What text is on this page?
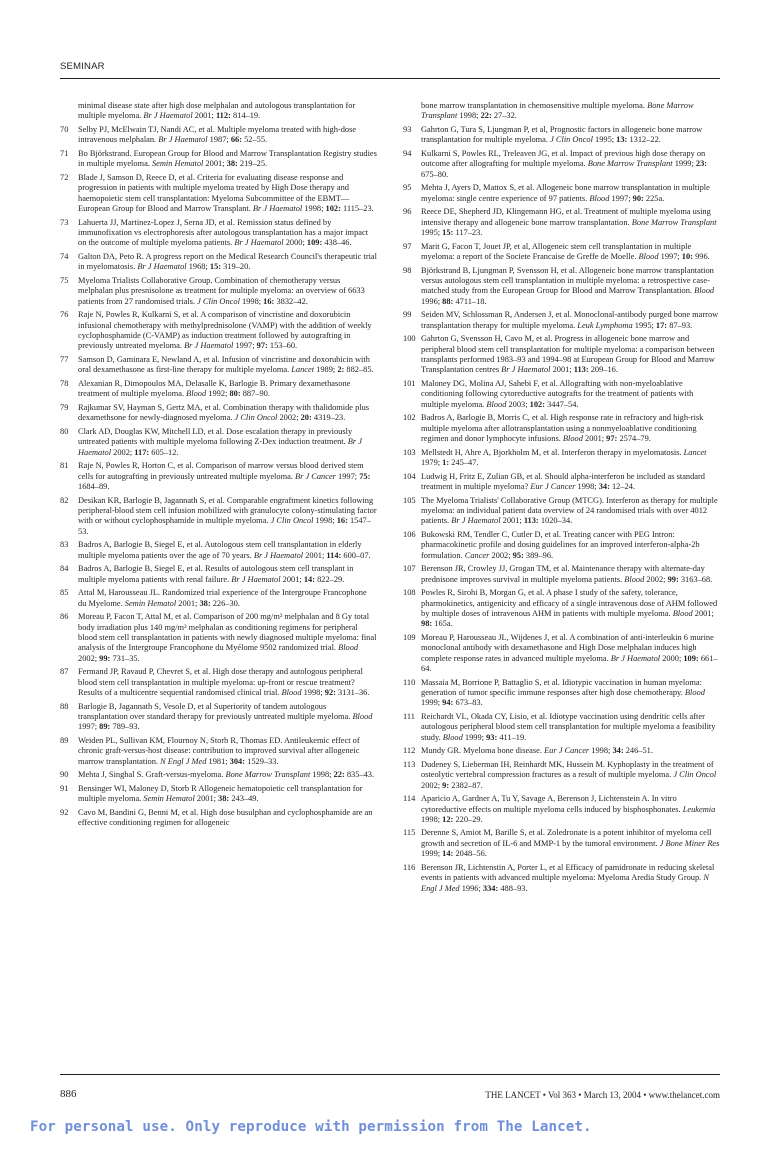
SEMINAR
minimal disease state after high dose melphalan and autologous transplantation for multiple myeloma. Br J Haematol 2001; 112: 814–19.
70 Selby PJ, McElwain TJ, Nandi AC, et al. Multiple myeloma treated with high-dose intravenous melphalan. Br J Haematol 1987; 66: 52–55.
71 Bo Björkstrand. European Group for Blood and Marrow Transplantation Registry studies in multiple myeloma. Semin Hematol 2001; 38: 219–25.
72 Blade J, Samson D, Reece D, et al. Criteria for evaluating disease response and progression in patients with multiple myeloma treated by High Dose therapy and haemopoietic stem cell transplantation: Myeloma Subcommittee of the EBMT—European Group for Blood and Marrow Transplant. Br J Haematol 1998; 102: 1115–23.
73 Lahuerta JJ, Martinez-Lopez J, Serna JD, et al. Remission status defined by immunofixation vs electrophoresis after autologous transplantation has a major impact on the outcome of multiple myeloma patients. Br J Haematol 2000; 109: 438–46.
74 Galton DA, Peto R. A progress report on the Medical Research Council's therapeutic trial in myelomatosis. Br J Haematol 1968; 15: 319–20.
75 Myeloma Trialists Collaborative Group. Combination of chemotherapy versus melphalan plus presnisolone as treatment for multiple myeloma: an overview of 6633 patients from 27 randomised trials. J Clin Oncol 1998; 16: 3832–42.
76 Raje N, Powles R, Kulkarni S, et al. A comparison of vincristine and doxorubicin infusional chemotherapy with methylprednisolone (VAMP) with the addition of weekly cyclophosphamide (C-VAMP) as induction treatment followed by autografting in previously untreated myeloma. Br J Haematol 1997; 97: 153–60.
77 Samson D, Gaminara E, Newland A, et al. Infusion of vincristine and doxorubicin with oral dexamethasone as first-line therapy for multiple myeloma. Lancet 1989; 2: 882–85.
78 Alexanian R, Dimopoulos MA, Delasalle K, Barlogie B. Primary dexamethasone treatment of multiple myeloma. Blood 1992; 80: 887–90.
79 Rajkumar SV, Hayman S, Gertz MA, et al. Combination therapy with thalidomide plus dexamethsone for newly-diagnosed myeloma. J Clin Oncol 2002; 20: 4319–23.
80 Clark AD, Douglas KW, Mitchell LD, et al. Dose escalation therapy in previously untreated patients with multiple myeloma following Z-Dex induction treatment. Br J Haematol 2002; 117: 605–12.
81 Raje N, Powles R, Horton C, et al. Comparison of marrow versus blood derived stem cells for autografting in previously untreated multiple myeloma. Br J Cancer 1997; 75: 1684–89.
82 Desikan KR, Barlogie B, Jagannath S, et al. Comparable engraftment kinetics following peripheral-blood stem cell infusion mobilized with granulocyte colony-stimulating factor with or without cyclophosphamide in multiple myeloma. J Clin Oncol 1998; 16: 1547–53.
83 Badros A, Barlogie B, Siegel E, et al. Autologous stem cell transplantation in elderly multiple myeloma patients over the age of 70 years. Br J Haematol 2001; 114: 600–07.
84 Badros A, Barlogie B, Siegel E, et al. Results of autologous stem cell transplant in multiple myeloma patients with renal failure. Br J Haematol 2001; 14: 822–29.
85 Attal M, Harousseau JL. Randomized trial experience of the Intergroupe Francophone du Myelome. Semin Hematol 2001; 38: 226–30.
86 Moreau P, Facon T, Attal M, et al. Comparison of 200 mg/m² melphalan and 8 Gy total body irradiation plus 140 mg/m² melphalan as conditioning regimens for peripheral blood stem cell transplantation in patients with newly diagnosed multiple myeloma: final analysis of the Intergroupe Francophone du Myélome 9502 randomized trial. Blood 2002; 99: 731–35.
87 Fermand JP, Ravaud P, Chevret S, et al. High dose therapy and autologous peripheral blood stem cell transplantation in multiple myeloma: up-front or rescue treatment? Results of a multicentre sequential randomised clinical trial. Blood 1998; 92: 3131–36.
88 Barlogie B, Jagannath S, Vesole D, et al Superiority of tandem autologous transplantation over standard therapy for previously untreated multiple myeloma. Blood 1997; 89: 789–93.
89 Weiden PL, Sullivan KM, Flournoy N, Storb R, Thomas ED. Antileukemic effect of chronic graft-versus-host disease: contribution to improved survival after allogeneic marrow transplantation. N Engl J Med 1981; 304: 1529–33.
90 Mehta J, Singhal S. Graft-versus-myeloma. Bone Marrow Transplant 1998; 22: 835–43.
91 Bensinger WI, Maloney D, Storb R Allogeneic hematopoietic cell transplantation for multiple myeloma. Semin Hematol 2001; 38: 243–49.
92 Cavo M, Bandini G, Benni M, et al. High dose busulphan and cyclophosphamide are an effective conditioning regimen for allogeneic
bone marrow transplantation in chemosensitive multiple myeloma. Bone Marrow Transplant 1998; 22: 27–32.
93 Gahrton G, Tura S, Ljungman P, et al, Prognostic factors in allogeneic bone marrow transplantation for multiple myeloma. J Clin Oncol 1995; 13: 1312–22.
94 Kulkarni S, Powles RL, Treleaven JG, et al. Impact of previous high dose therapy on outcome after allografting for multiple myeloma. Bone Marrow Transplant 1999; 23: 675–80.
95 Mehta J, Ayers D, Mattox S, et al. Allogeneic bone marrow transplantation in multiple myeloma: single centre experience of 97 patients. Blood 1997; 90: 225a.
96 Reece DE, Shepherd JD, Klingemann HG, et al. Treatment of multiple myeloma using intensive therapy and allogeneic bone marrow transplantation. Bone Marrow Transplant 1995; 15: 117–23.
97 Marit G, Facon T, Jouet JP, et al, Allogeneic stem cell transplantation in multiple myeloma: a report of the Societe Francaise de Greffe de Moelle. Blood 1997; 10: 996.
98 Björkstrand B, Ljungman P, Svensson H, et al. Allogeneic bone marrow transplantation versus autologous stem cell transplantation in multiple myeloma: a retrospective case-matched study from the European Group for Blood and Marrow Transplantation. Blood 1996; 88: 4711–18.
99 Seiden MV, Schlossman R, Andersen J, et al. Monoclonal-antibody purged bone marrow transplantation therapy for multiple myeloma. Leuk Lymphoma 1995; 17: 87–93.
100 Gahrton G, Svensson H, Cavo M, et al. Progress in allogeneic bone marrow and peripheral blood stem cell transplantation for multiple myeloma: a comparison between transplants performed 1983–93 and 1994–98 at European Group for Blood and Marrow Transplantation centres Br J Haematol 2001; 113: 209–16.
101 Maloney DG, Molina AJ, Sahebi F, et al. Allografting with non-myeloablative conditioning following cytoreductive autografts for the treatment of patients with multiple myeloma. Blood 2003; 102: 3447–54.
102 Badros A, Barlogie B, Morris C, et al. High response rate in refractory and high-risk multiple myeloma after allotransplantation using a nonmyeloablative conditioning regimen and donor lymphocyte infusions. Blood 2001; 97: 2574–79.
103 Mellstedt H, Ahre A, Bjorkholm M, et al. Interferon therapy in myelomatosis. Lancet 1979; 1: 245–47.
104 Ludwig H, Fritz E, Zulian GB, et al. Should alpha-interferon be included as standard treatment in multiple myeloma? Eur J Cancer 1998; 34: 12–24.
105 The Myeloma Trialists' Collaborative Group (MTCG). Interferon as therapy for multiple myeloma: an individual patient data overview of 24 randomised trials with over 4012 patients. Br J Haematol 2001; 113: 1020–34.
106 Bukowski RM, Tendler C, Cutler D, et al. Treating cancer with PEG Intron: pharmacokinetic profile and dosing guidelines for an improved interferon-alpha-2b formulation. Cancer 2002; 95: 389–96.
107 Berenson JR, Crowley JJ, Grogan TM, et al. Maintenance therapy with alternate-day prednisone improves survival in multiple myeloma patients. Blood 2002; 99: 3163–68.
108 Powles R, Sirohi B, Morgan G, et al. A phase I study of the safety, tolerance, pharmokinetics, antigenicity and efficacy of a single intravenous dose of AHM followed by multiple doses of intravenous AHM in patients with multiple myeloma. Blood 2001; 98: 165a.
109 Moreau P, Harousseau JL, Wijdenes J, et al. A combination of anti-interleukin 6 murine monoclonal antibody with dexamethasone and High Dose melphalan induces high complete response rates in advanced multiple myeloma. Br J Haematol 2000; 109: 661–64.
110 Massaia M, Borrione P, Battaglio S, et al. Idiotypic vaccination in human myeloma: generation of tumor specific immune responses after high dose chemotherapy. Blood 1999; 94: 673–83.
111 Reichardt VL, Okada CY, Lisio, et al. Idiotype vaccination using dendritic cells after autologous peripheral blood stem cell transplantation for multiple myeloma a feasibility study. Blood 1999; 93: 411–19.
112 Mundy GR. Myeloma bone disease. Eur J Cancer 1998; 34: 246–51.
113 Dudeney S, Lieberman IH, Reinhardt MK, Hussein M. Kyphoplasty in the treatment of osteolytic vertebral compression fractures as a result of multiple myeloma. J Clin Oncol 2002; 9: 2382–87.
114 Aparicio A, Gardner A, Tu Y, Savage A, Berenson J, Lichtenstein A. In vitro cytoreductive effects on multiple myeloma cells induced by bisphosphonates. Leukemia 1998; 12: 220–29.
115 Derenne S, Amiot M, Barille S, et al. Zoledronate is a potent inhibitor of myeloma cell growth and secretion of IL-6 and MMP-1 by the tumoral environment. J Bone Miner Res 1999; 14: 2048–56.
116 Berenson JR, Lichtenstin A, Porter L, et al Efficacy of pamidronate in reducing skeletal events in patients with advanced multiple myeloma: Myeloma Aredia Study Group. N Engl J Med 1996; 334: 488–93.
886	THE LANCET • Vol 363 • March 13, 2004 • www.thelancet.com
For personal use. Only reproduce with permission from The Lancet.
